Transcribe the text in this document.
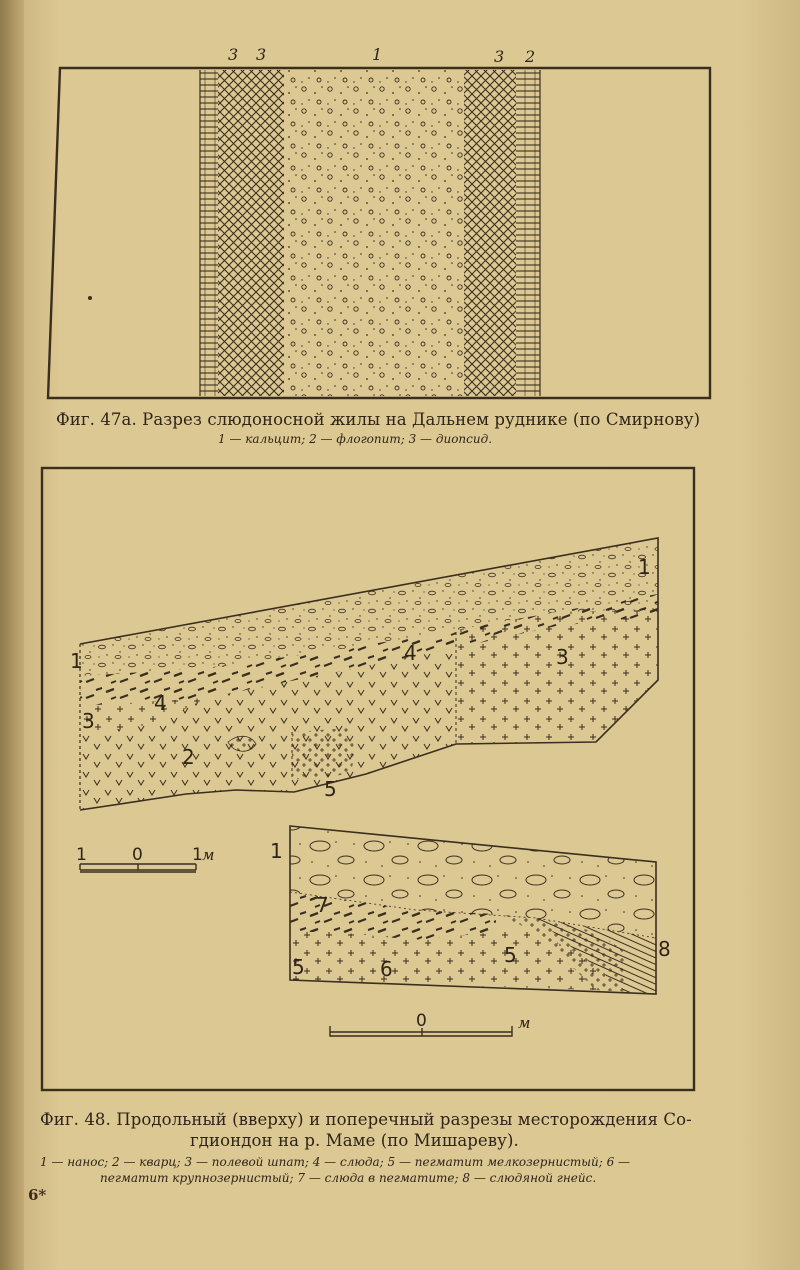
3 3	1	3 2
Фиг. 47а. Разрез слюдоносной жилы на Дальнем руднике (по Смирнову)
1 — кальцит; 2 — флогопит; 3 — диопсид.
1
1	4
4
3
3
2
5
1	0	1 м	1
7
5	6
5	8
0	м
Фиг. 48. Продольный (вверху) и поперечный разрезы месторождения Со-
гдиондон на р. Маме (по Мишареву).
1 — нанос; 2 — кварц; 3 — полевой шпат; 4 — слюда; 5 — пегматит мелкозернистый; 6 —
пегматит крупнозернистый; 7 — слюда в пегматите; 8 — слюдяной гнейс.
6*
